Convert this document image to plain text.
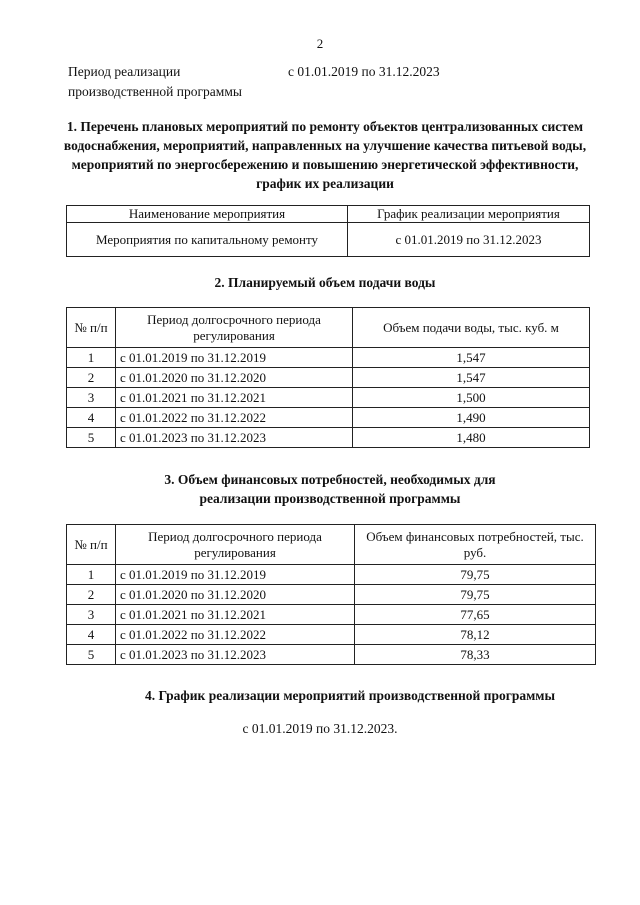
2
Период реализации производственной программы
с 01.01.2019 по 31.12.2023
1. Перечень плановых мероприятий по ремонту объектов централизованных систем водоснабжения, мероприятий, направленных на улучшение качества питьевой воды, мероприятий по энергосбережению и повышению энергетической эффективности, график их реализации
Наименование мероприятия	График реализации мероприятия
Мероприятия по капитальному ремонту	с 01.01.2019 по 31.12.2023
2. Планируемый объем подачи воды
№ п/п	Период долгосрочного периода регулирования	Объем подачи воды, тыс. куб. м
1	с 01.01.2019 по 31.12.2019	1,547
2	с 01.01.2020 по 31.12.2020	1,547
3	с 01.01.2021 по 31.12.2021	1,500
4	с 01.01.2022 по 31.12.2022	1,490
5	с 01.01.2023 по 31.12.2023	1,480
3. Объем финансовых потребностей, необходимых для реализации производственной программы
№ п/п	Период долгосрочного периода регулирования	Объем финансовых потребностей, тыс. руб.
1	с 01.01.2019 по 31.12.2019	79,75
2	с 01.01.2020 по 31.12.2020	79,75
3	с 01.01.2021 по 31.12.2021	77,65
4	с 01.01.2022 по 31.12.2022	78,12
5	с 01.01.2023 по 31.12.2023	78,33
4. График реализации мероприятий производственной программы
с 01.01.2019 по 31.12.2023.
